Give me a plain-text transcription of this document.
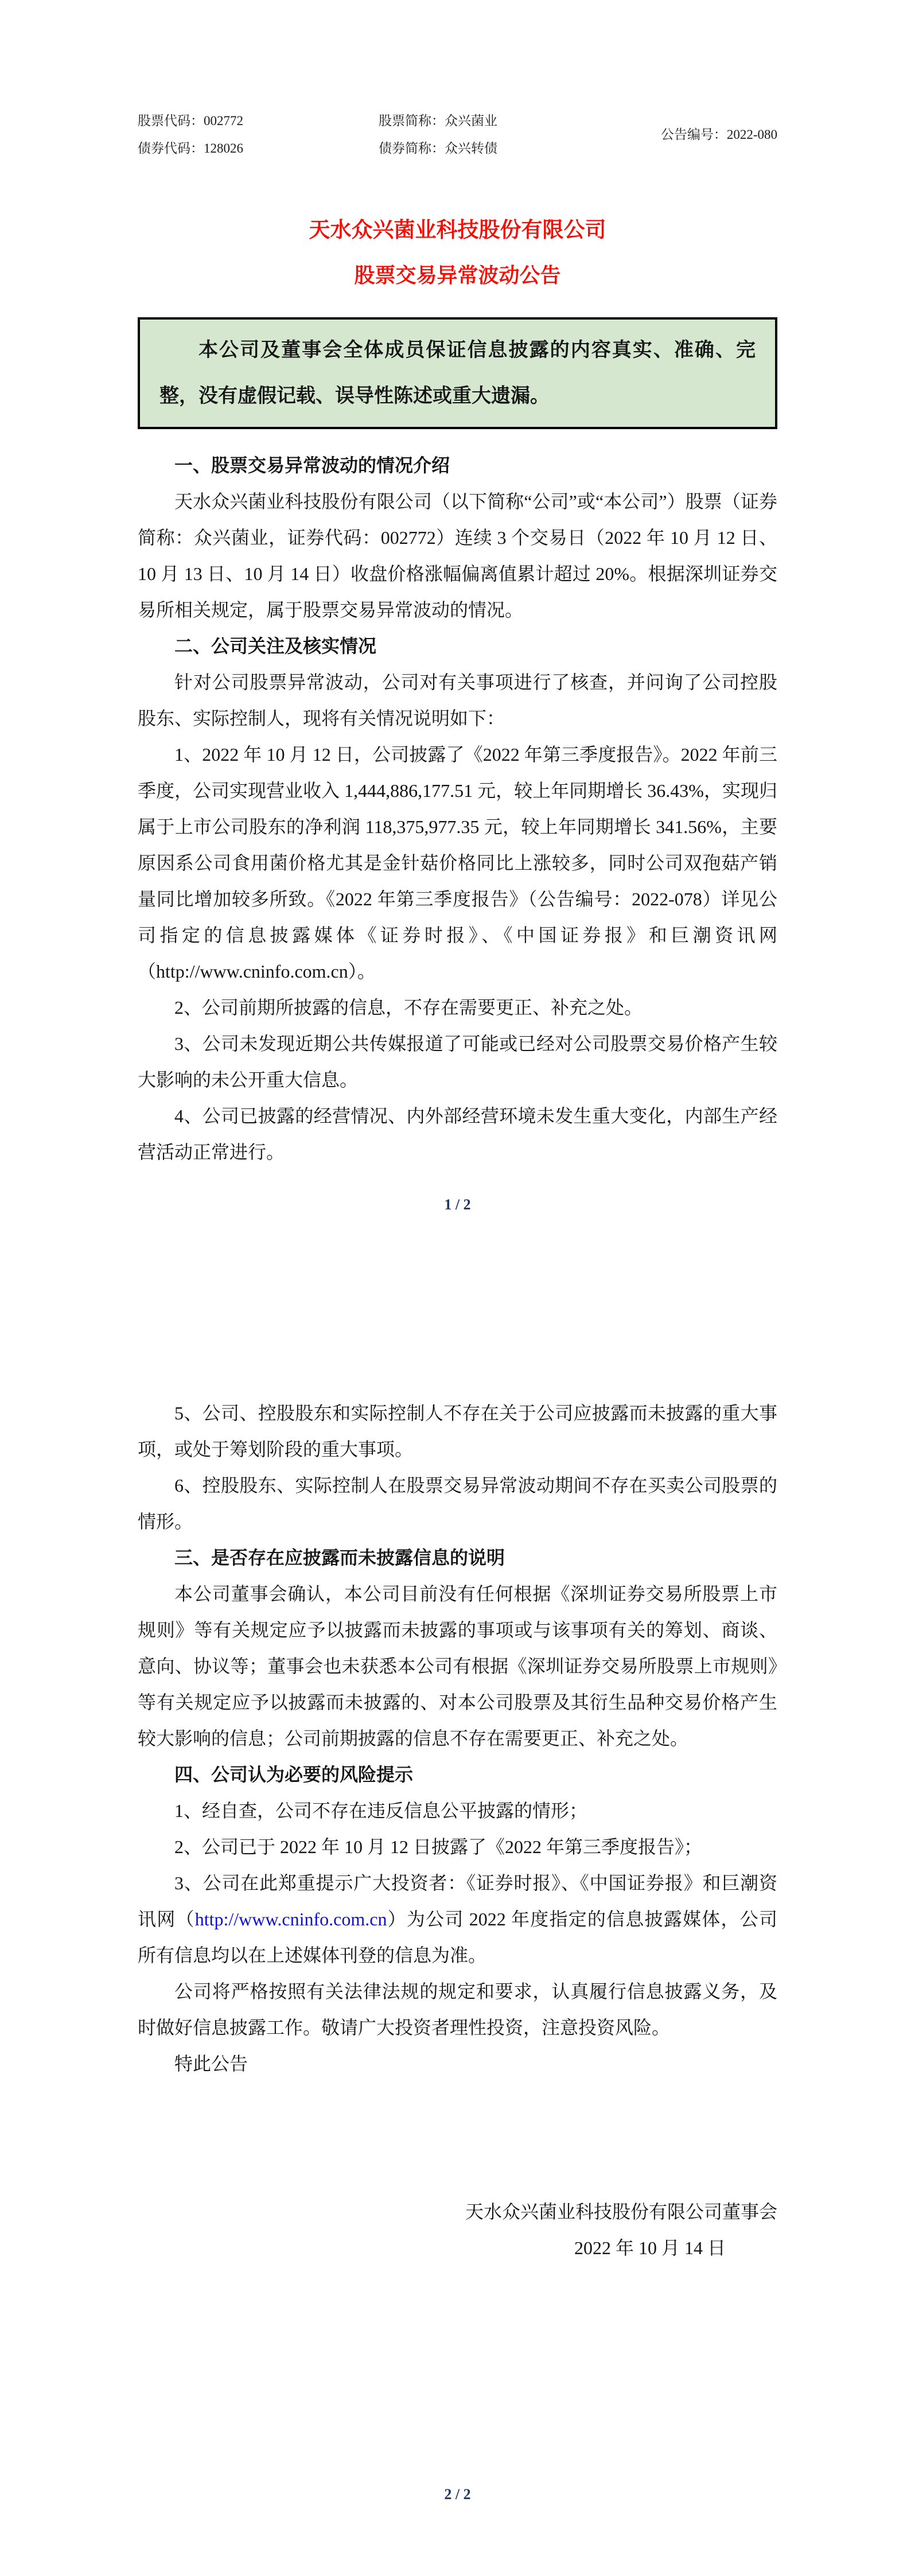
股票代码：002772	股票简称：众兴菌业
公告编号：2022-080
债券代码：128026	债券简称：众兴转债
天水众兴菌业科技股份有限公司
股票交易异常波动公告

本公司及董事会全体成员保证信息披露的内容真实、准确、完整，没有虚假记载、误导性陈述或重大遗漏。

一、股票交易异常波动的情况介绍

天水众兴菌业科技股份有限公司（以下简称“公司”或“本公司”）股票（证券简称：众兴菌业，证券代码：002772）连续 3 个交易日（2022 年 10 月 12 日、10 月 13 日、10 月 14 日）收盘价格涨幅偏离值累计超过 20%。根据深圳证券交易所相关规定，属于股票交易异常波动的情况。

二、公司关注及核实情况

针对公司股票异常波动，公司对有关事项进行了核查，并问询了公司控股股东、实际控制人，现将有关情况说明如下：

1、2022 年 10 月 12 日，公司披露了《2022 年第三季度报告》。2022 年前三季度，公司实现营业收入 1,444,886,177.51 元，较上年同期增长 36.43%，实现归属于上市公司股东的净利润 118,375,977.35 元，较上年同期增长 341.56%，主要原因系公司食用菌价格尤其是金针菇价格同比上涨较多，同时公司双孢菇产销量同比增加较多所致。《2022 年第三季度报告》（公告编号：2022-078）详见公司指定的信息披露媒体《证券时报》、《中国证券报》和巨潮资讯网（http://www.cninfo.com.cn）。

2、公司前期所披露的信息，不存在需要更正、补充之处。

3、公司未发现近期公共传媒报道了可能或已经对公司股票交易价格产生较大影响的未公开重大信息。

4、公司已披露的经营情况、内外部经营环境未发生重大变化，内部生产经营活动正常进行。

1 / 2

5、公司、控股股东和实际控制人不存在关于公司应披露而未披露的重大事项，或处于筹划阶段的重大事项。

6、控股股东、实际控制人在股票交易异常波动期间不存在买卖公司股票的情形。

三、是否存在应披露而未披露信息的说明

本公司董事会确认，本公司目前没有任何根据《深圳证券交易所股票上市规则》等有关规定应予以披露而未披露的事项或与该事项有关的筹划、商谈、意向、协议等；董事会也未获悉本公司有根据《深圳证券交易所股票上市规则》等有关规定应予以披露而未披露的、对本公司股票及其衍生品种交易价格产生较大影响的信息；公司前期披露的信息不存在需要更正、补充之处。

四、公司认为必要的风险提示

1、经自查，公司不存在违反信息公平披露的情形；

2、公司已于 2022 年 10 月 12 日披露了《2022 年第三季度报告》；

3、公司在此郑重提示广大投资者：《证券时报》、《中国证券报》和巨潮资讯网（http://www.cninfo.com.cn）为公司 2022 年度指定的信息披露媒体，公司所有信息均以在上述媒体刊登的信息为准。

公司将严格按照有关法律法规的规定和要求，认真履行信息披露义务，及时做好信息披露工作。敬请广大投资者理性投资，注意投资风险。

特此公告

天水众兴菌业科技股份有限公司董事会
2022 年 10 月 14 日
2 / 2
